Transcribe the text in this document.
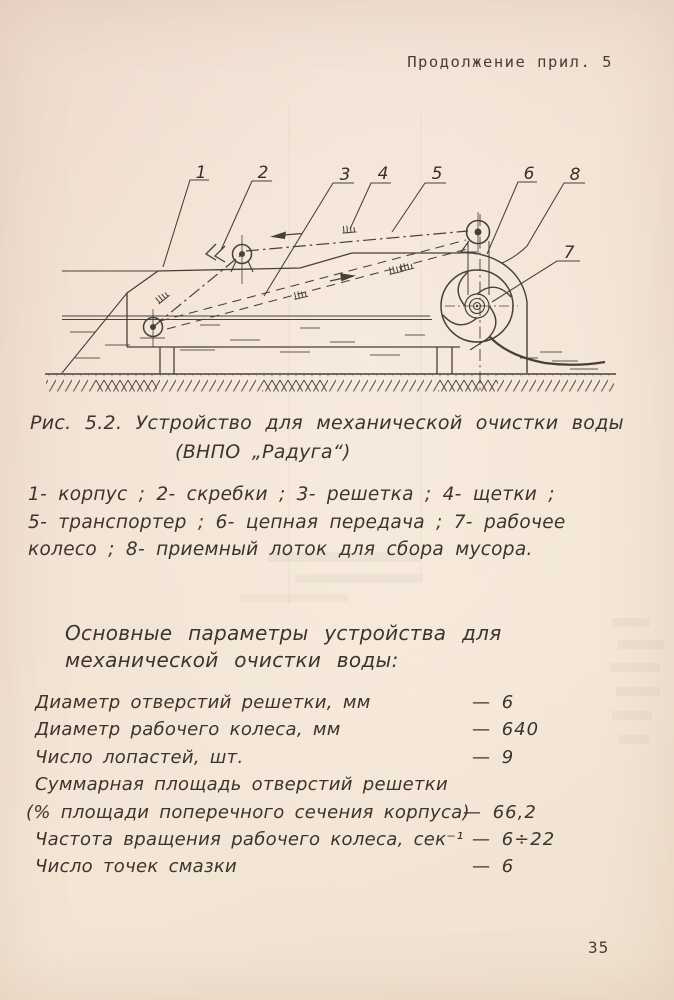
Продолжение прил. 5
1	2	3 4	5	6
7
8
Рис. 5.2. Устройство для механической очистки воды
(ВНПО „Радуга“)
1- корпус ; 2- скребки ; 3- решетка ; 4- щетки ;
5- транспортер ; 6- цепная передача ; 7- рабочее
колесо ; 8- приемный лоток для сбора мусора.
Основные параметры устройства для
механической очистки воды:
Диаметр отверстий решетки, мм	— 6
Диаметр рабочего колеса, мм	— 640
Число лопастей, шт.	— 9
Суммарная площадь отверстий решетки
(% площади поперечного сечения корпуса)
— 66,2
Частота вращения рабочего колеса, сек⁻¹ — 6÷22
Число точек смазки	— 6
35
